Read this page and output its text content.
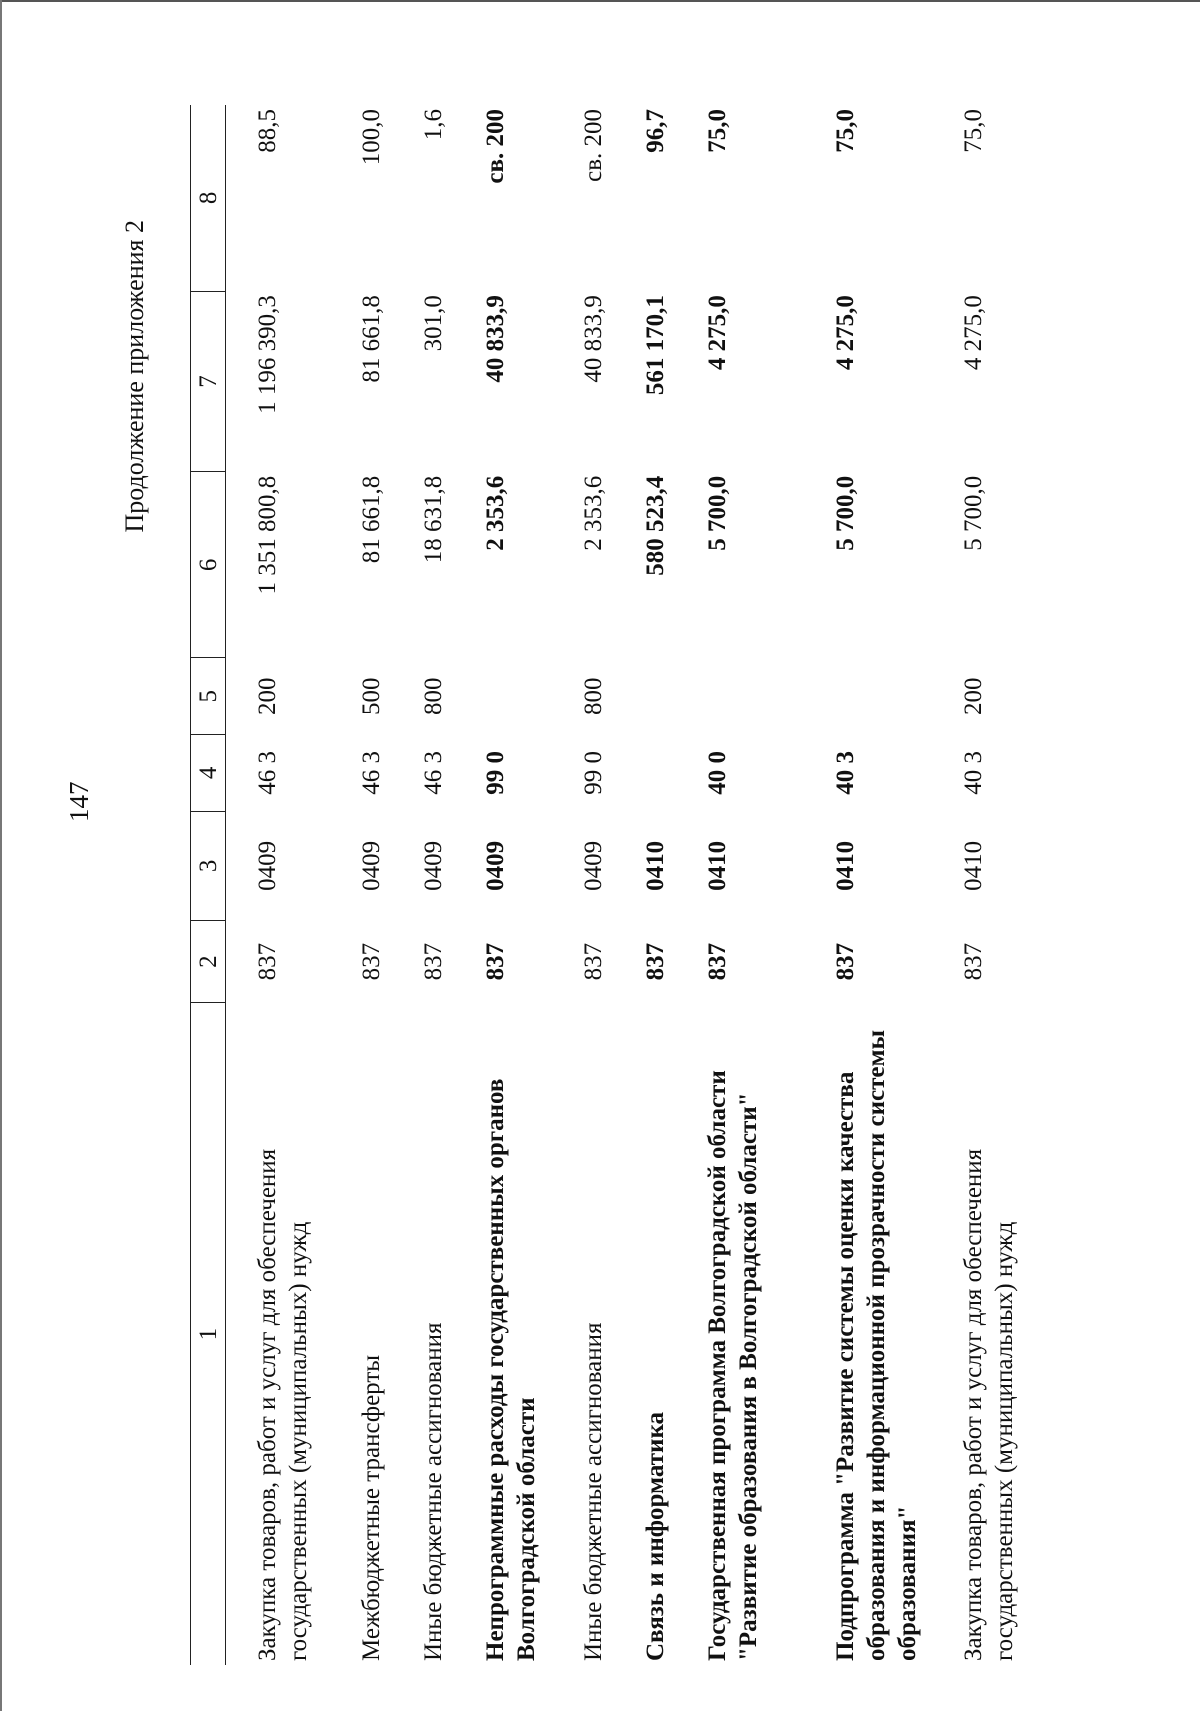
147
Продолжение приложения 2
1	2	3	4	5	6	7	8
Закупка товаров, работ и услуг для обеспечения государственных (муниципальных) нужд	837	0409	46 3	200	1 351 800,8	1 196 390,3	88,5
Межбюджетные трансферты	837	0409	46 3	500	81 661,8	81 661,8	100,0
Иные бюджетные ассигнования	837	0409	46 3	800	18 631,8	301,0	1,6
Непрограммные расходы государственных органов Волгоградской области	837	0409	99 0		2 353,6	40 833,9	св. 200
Иные бюджетные ассигнования	837	0409	99 0	800	2 353,6	40 833,9	св. 200
Связь и информатика	837	0410			580 523,4	561 170,1	96,7
Государственная программа Волгоградской области "Развитие образования в Волгоградской области"	837	0410	40 0		5 700,0	4 275,0	75,0
Подпрограмма "Развитие системы оценки качества образования и информационной прозрачности системы образования"	837	0410	40 3		5 700,0	4 275,0	75,0
Закупка товаров, работ и услуг для обеспечения государственных (муниципальных) нужд	837	0410	40 3	200	5 700,0	4 275,0	75,0
